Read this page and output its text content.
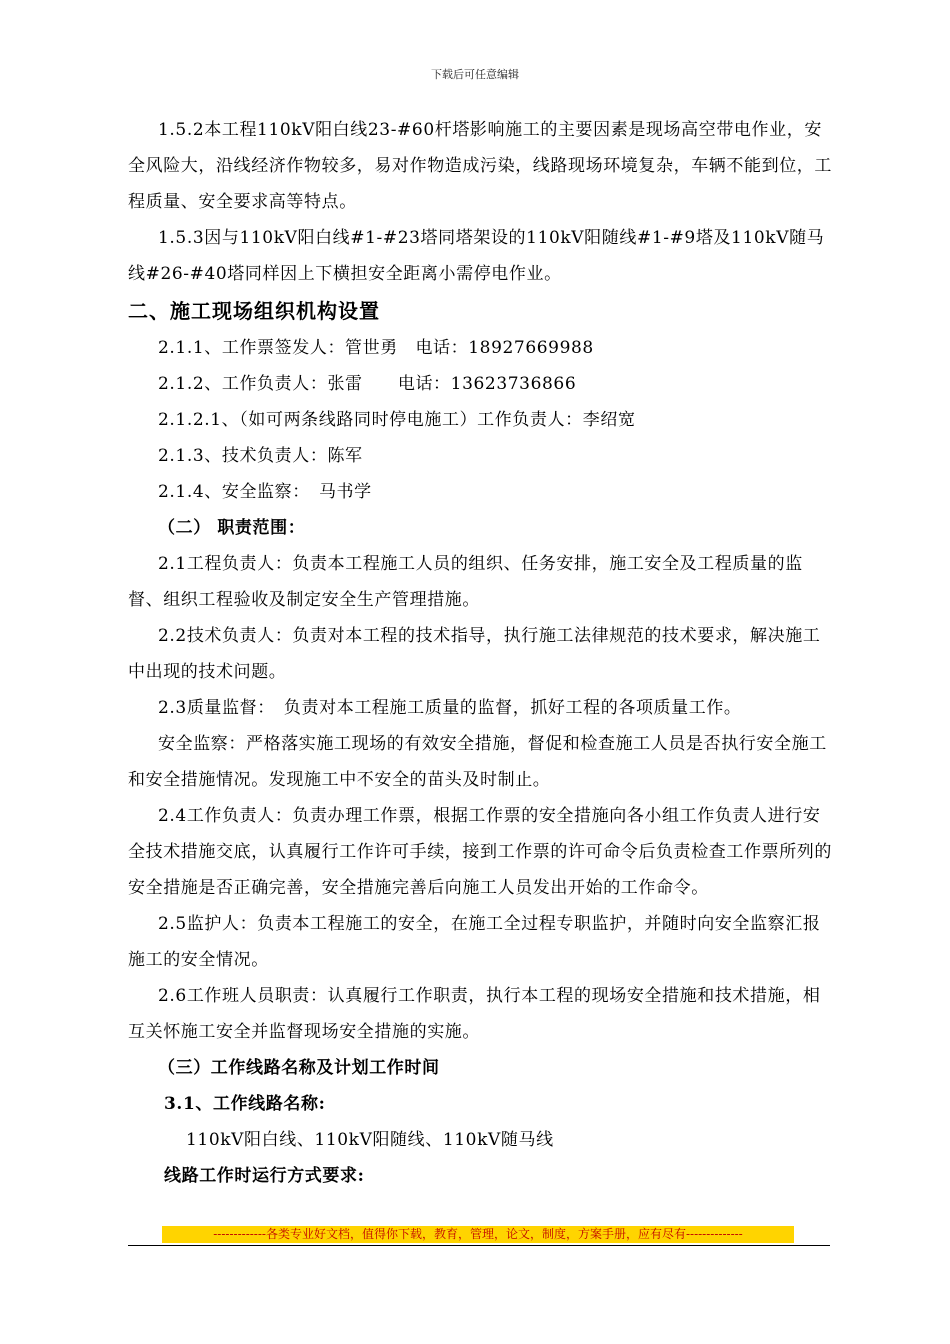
下载后可任意编辑

1.5.2本工程110kV阳白线23-#60杆塔影响施工的主要因素是现场高空带电作业，安全风险大，沿线经济作物较多，易对作物造成污染，线路现场环境复杂，车辆不能到位，工程质量、安全要求高等特点。

1.5.3因与110kV阳白线#1-#23塔同塔架设的110kV阳随线#1-#9塔及110kV随马线#26-#40塔同样因上下横担安全距离小需停电作业。

二、施工现场组织机构设置

2.1.1、工作票签发人：管世勇　电话：18927669988

2.1.2、工作负责人：张雷　　电话：13623736866

2.1.2.1、（如可两条线路同时停电施工）工作负责人：李绍宽

2.1.3、技术负责人：陈军

2.1.4、安全监察：　马书学

（二） 职责范围：

2.1工程负责人：负责本工程施工人员的组织、任务安排，施工安全及工程质量的监督、组织工程验收及制定安全生产管理措施。

2.2技术负责人：负责对本工程的技术指导，执行施工法律规范的技术要求，解决施工中出现的技术问题。

2.3质量监督：　负责对本工程施工质量的监督，抓好工程的各项质量工作。

安全监察：严格落实施工现场的有效安全措施，督促和检查施工人员是否执行安全施工和安全措施情况。发现施工中不安全的苗头及时制止。

2.4工作负责人：负责办理工作票，根据工作票的安全措施向各小组工作负责人进行安全技术措施交底，认真履行工作许可手续，接到工作票的许可命令后负责检查工作票所列的安全措施是否正确完善，安全措施完善后向施工人员发出开始的工作命令。

2.5监护人：负责本工程施工的安全，在施工全过程专职监护，并随时向安全监察汇报施工的安全情况。

2.6工作班人员职责：认真履行工作职责，执行本工程的现场安全措施和技术措施，相互关怀施工安全并监督现场安全措施的实施。

（三）工作线路名称及计划工作时间

3.1、工作线路名称:

110kV阳白线、110kV阳随线、110kV随马线

线路工作时运行方式要求:

-------------各类专业好文档，值得你下载，教育，管理，论文，制度，方案手册，应有尽有--------------
